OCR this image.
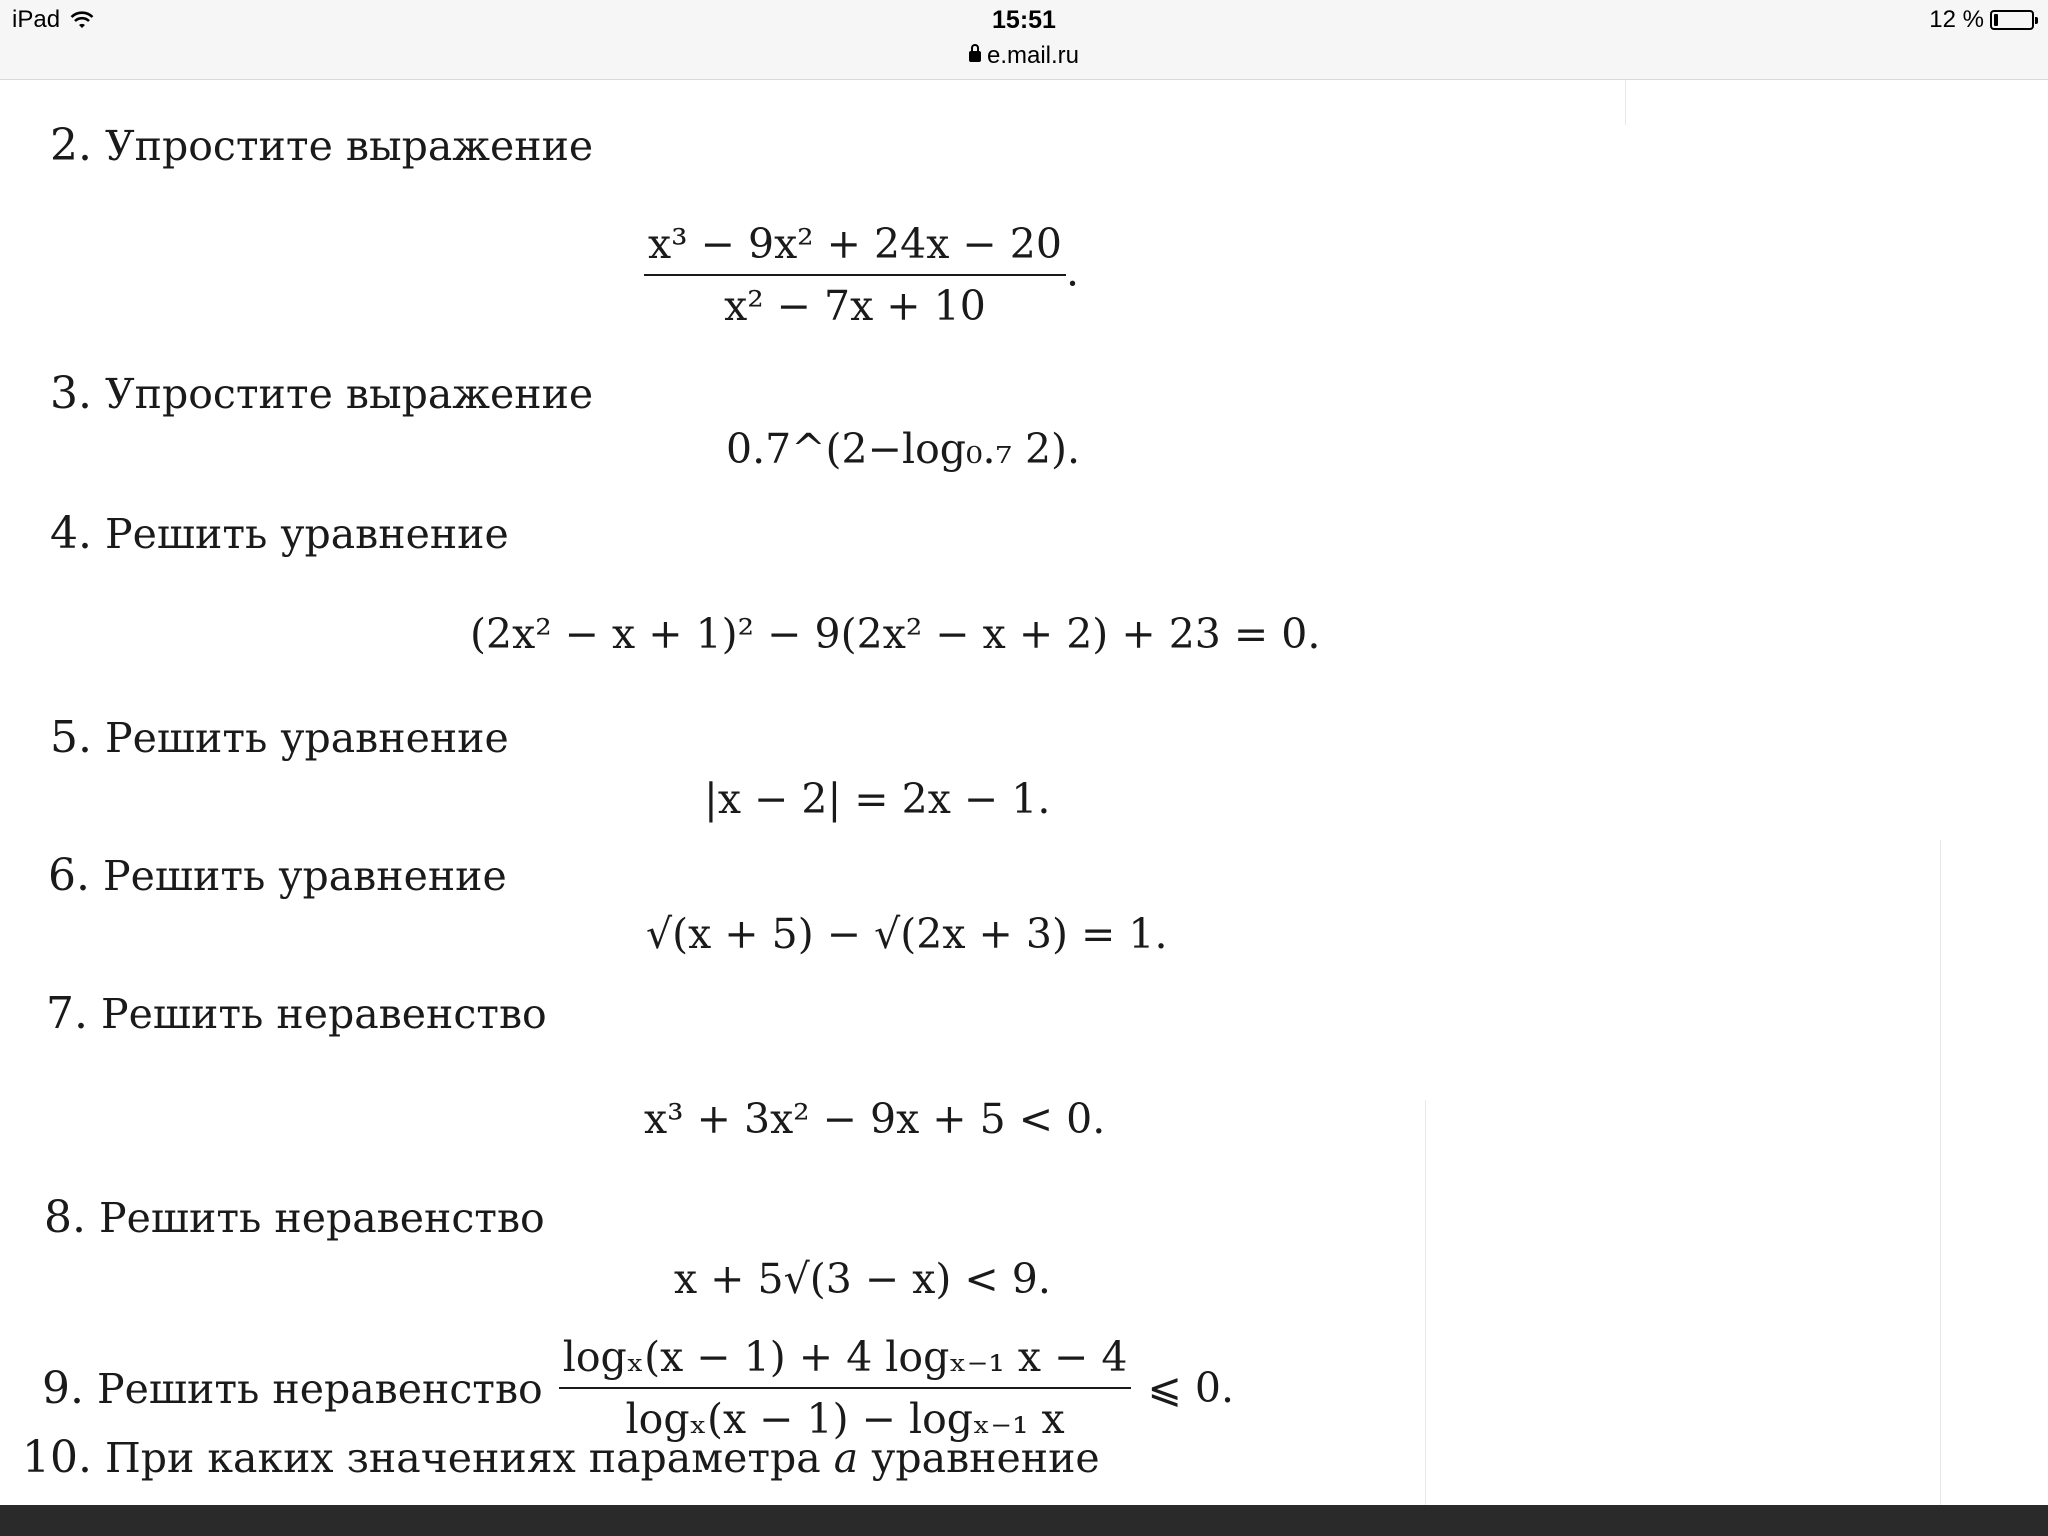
iPad	15:51
e.mail.ru
12 %
2. Упростите выражение
$\frac{\text{x³ − 9x² + 24x − 20}}{\text{x² − 7x + 10}}$ .
3. Упростите выражение
0.7^(2−log₀.₇ 2).
4. Решить уравнение
(2x² − x + 1)² − 9(2x² − x + 2) + 23 = 0.
5. Решить уравнение
|x − 2| = 2x − 1.
6. Решить уравнение
√(x + 5) − √(2x + 3) = 1.
7. Решить неравенство
x³ + 3x² − 9x + 5 < 0.
8. Решить неравенство
x + 5√(3 − x) < 9.
9. Решить неравенство $\frac{\text{logₓ(x − 1) + 4 logₓ₋₁ x − 4}}{\text{logₓ(x − 1) − logₓ₋₁ x}}$ ⩽ 0.
10. При каких значениях параметра a уравнение
